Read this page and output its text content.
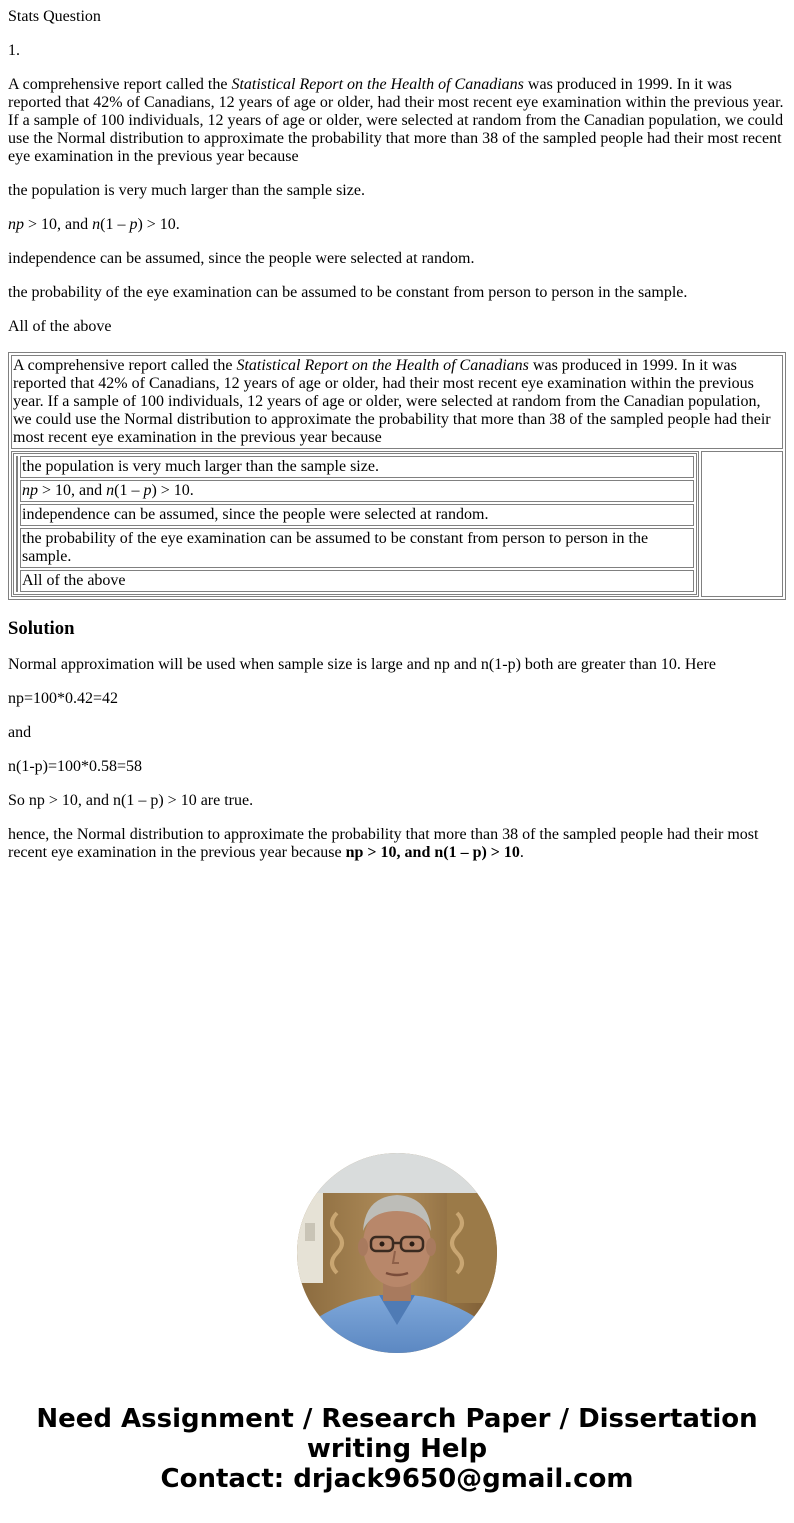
Stats Question

1.

A comprehensive report called the Statistical Report on the Health of Canadians was produced in 1999. In it was reported that 42% of Canadians, 12 years of age or older, had their most recent eye examination within the previous year. If a sample of 100 individuals, 12 years of age or older, were selected at random from the Canadian population, we could use the Normal distribution to approximate the probability that more than 38 of the sampled people had their most recent eye examination in the previous year because

the population is very much larger than the sample size.

np > 10, and n(1 – p) > 10.

independence can be assumed, since the people were selected at random.

the probability of the eye examination can be assumed to be constant from person to person in the sample.

All of the above

A comprehensive report called the Statistical Report on the Health of Canadians was produced in 1999. In it was reported that 42% of Canadians, 12 years of age or older, had their most recent eye examination within the previous year. If a sample of 100 individuals, 12 years of age or older, were selected at random from the Canadian population, we could use the Normal distribution to approximate the probability that more than 38 of the sampled people had their most recent eye examination in the previous year because

	the population is very much larger than the sample size.
np > 10, and n(1 – p) > 10.
independence can be assumed, since the people were selected at random.
the probability of the eye examination can be assumed to be constant from person to person in the sample.
All of the above

Solution

Normal approximation will be used when sample size is large and np and n(1-p) both are greater than 10. Here

np=100*0.42=42

and

n(1-p)=100*0.58=58

So np > 10, and n(1 – p) > 10 are true.

hence, the Normal distribution to approximate the probability that more than 38 of the sampled people had their most recent eye examination in the previous year because np > 10, and n(1 – p) > 10.

Need Assignment / Research Paper / Dissertation writing Help
Contact: drjack9650@gmail.com
